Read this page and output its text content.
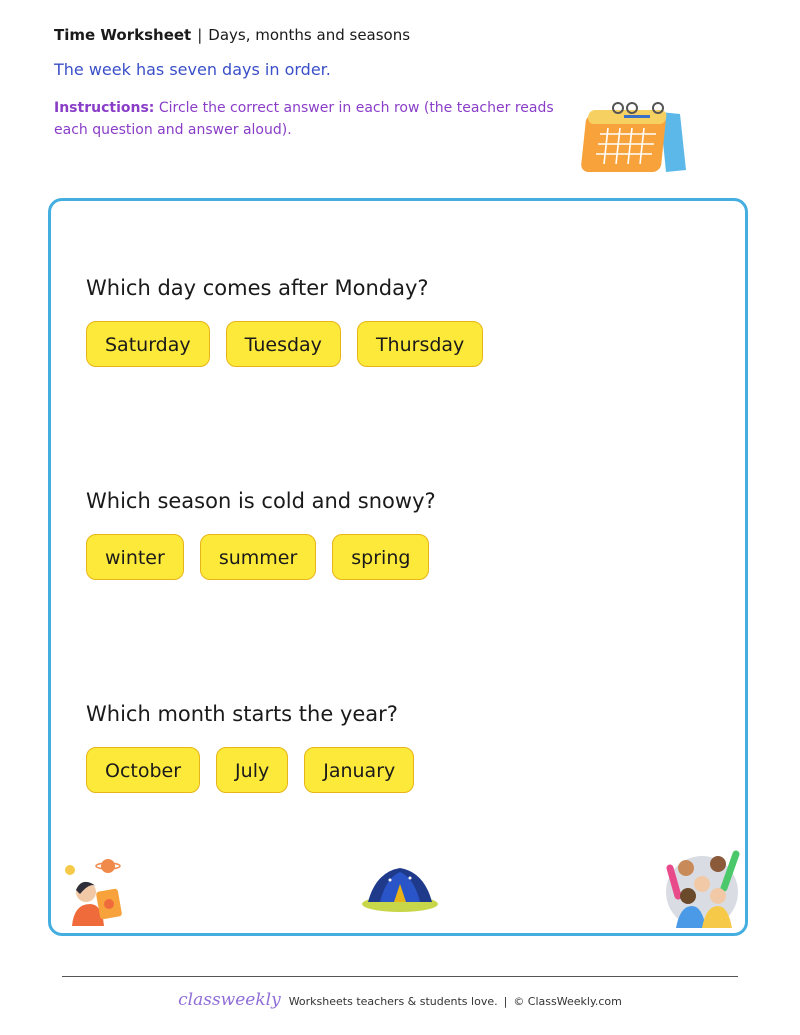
Time Worksheet | Days, months and seasons
The week has seven days in order.
Instructions: Circle the correct answer in each row (the teacher reads each question and answer aloud).
Which day comes after Monday?
Saturday	Tuesday	Thursday
Which season is cold and snowy?
winter	summer	spring
Which month starts the year?
October	July	January
classweekly Worksheets teachers & students love. | © ClassWeekly.com
